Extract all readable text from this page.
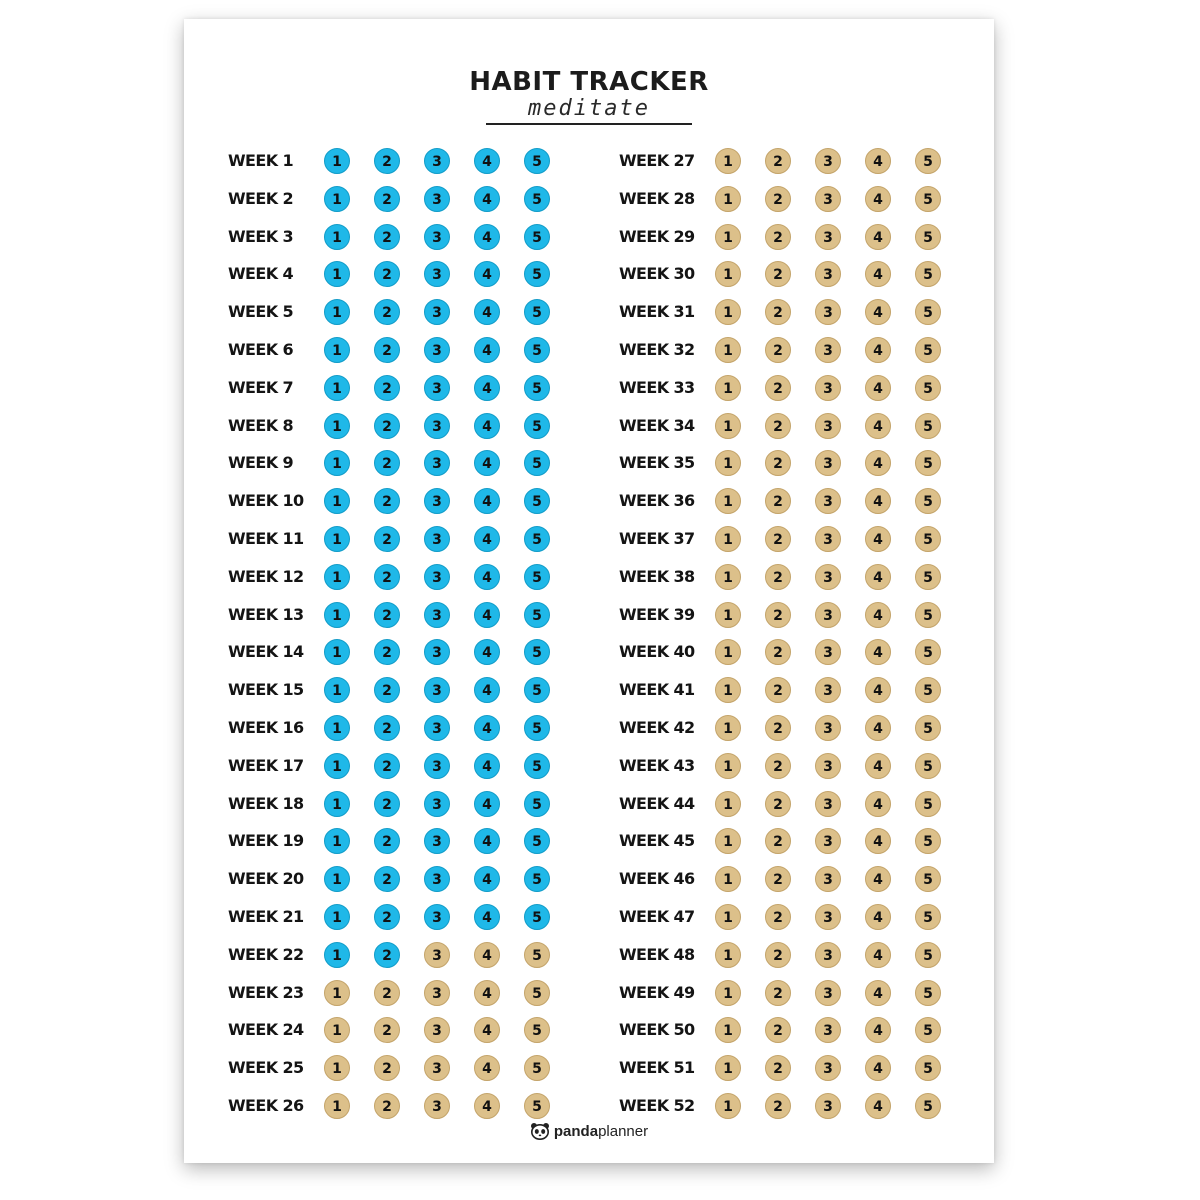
HABIT TRACKER
meditate
WEEK 1	1	2	3	4	5
WEEK 2	1	2	3	4	5
WEEK 3	1	2	3	4	5
WEEK 4	1	2	3	4	5
WEEK 5	1	2	3	4	5
WEEK 6	1	2	3	4	5
WEEK 7	1	2	3	4	5
WEEK 8	1	2	3	4	5
WEEK 9	1	2	3	4	5
WEEK 10	1	2	3	4	5
WEEK 11	1	2	3	4	5
WEEK 12	1	2	3	4	5
WEEK 13	1	2	3	4	5
WEEK 14	1	2	3	4	5
WEEK 15	1	2	3	4	5
WEEK 16	1	2	3	4	5
WEEK 17	1	2	3	4	5
WEEK 18	1	2	3	4	5
WEEK 19	1	2	3	4	5
WEEK 20	1	2	3	4	5
WEEK 21	1	2	3	4	5
WEEK 22	1	2	3	4	5
WEEK 23	1	2	3	4	5
WEEK 24	1	2	3	4	5
WEEK 25	1	2	3	4	5
WEEK 26	1	2	3	4	5
WEEK 27	1	2	3	4	5
WEEK 28	1	2	3	4	5
WEEK 29	1	2	3	4	5
WEEK 30	1	2	3	4	5
WEEK 31	1	2	3	4	5
WEEK 32	1	2	3	4	5
WEEK 33	1	2	3	4	5
WEEK 34	1	2	3	4	5
WEEK 35	1	2	3	4	5
WEEK 36	1	2	3	4	5
WEEK 37	1	2	3	4	5
WEEK 38	1	2	3	4	5
WEEK 39	1	2	3	4	5
WEEK 40	1	2	3	4	5
WEEK 41	1	2	3	4	5
WEEK 42	1	2	3	4	5
WEEK 43	1	2	3	4	5
WEEK 44	1	2	3	4	5
WEEK 45	1	2	3	4	5
WEEK 46	1	2	3	4	5
WEEK 47	1	2	3	4	5
WEEK 48	1	2	3	4	5
WEEK 49	1	2	3	4	5
WEEK 50	1	2	3	4	5
WEEK 51	1	2	3	4	5
WEEK 52	1	2	3	4	5
pandaplanner
